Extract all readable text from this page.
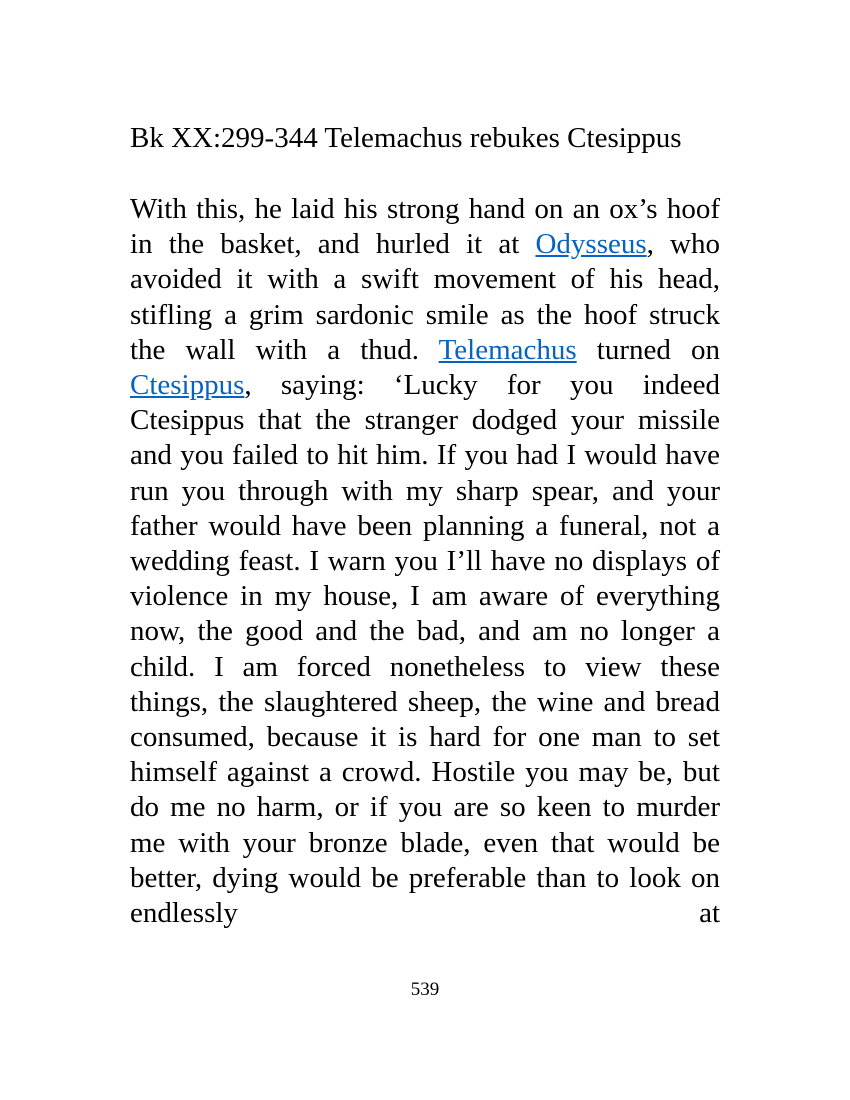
Bk XX:299-344 Telemachus rebukes Ctesippus

With this, he laid his strong hand on an ox’s hoof in the basket, and hurled it at Odysseus, who avoided it with a swift movement of his head, stifling a grim sardonic smile as the hoof struck the wall with a thud. Telemachus turned on Ctesippus, saying: ‘Lucky for you indeed Ctesippus that the stranger dodged your missile and you failed to hit him. If you had I would have run you through with my sharp spear, and your father would have been planning a funeral, not a wedding feast. I warn you I’ll have no displays of violence in my house, I am aware of everything now, the good and the bad, and am no longer a child. I am forced nonetheless to view these things, the slaughtered sheep, the wine and bread consumed, because it is hard for one man to set himself against a crowd. Hostile you may be, but do me no harm, or if you are so keen to murder me with your bronze blade, even that would be better, dying would be preferable than to look on endlessly at

539
